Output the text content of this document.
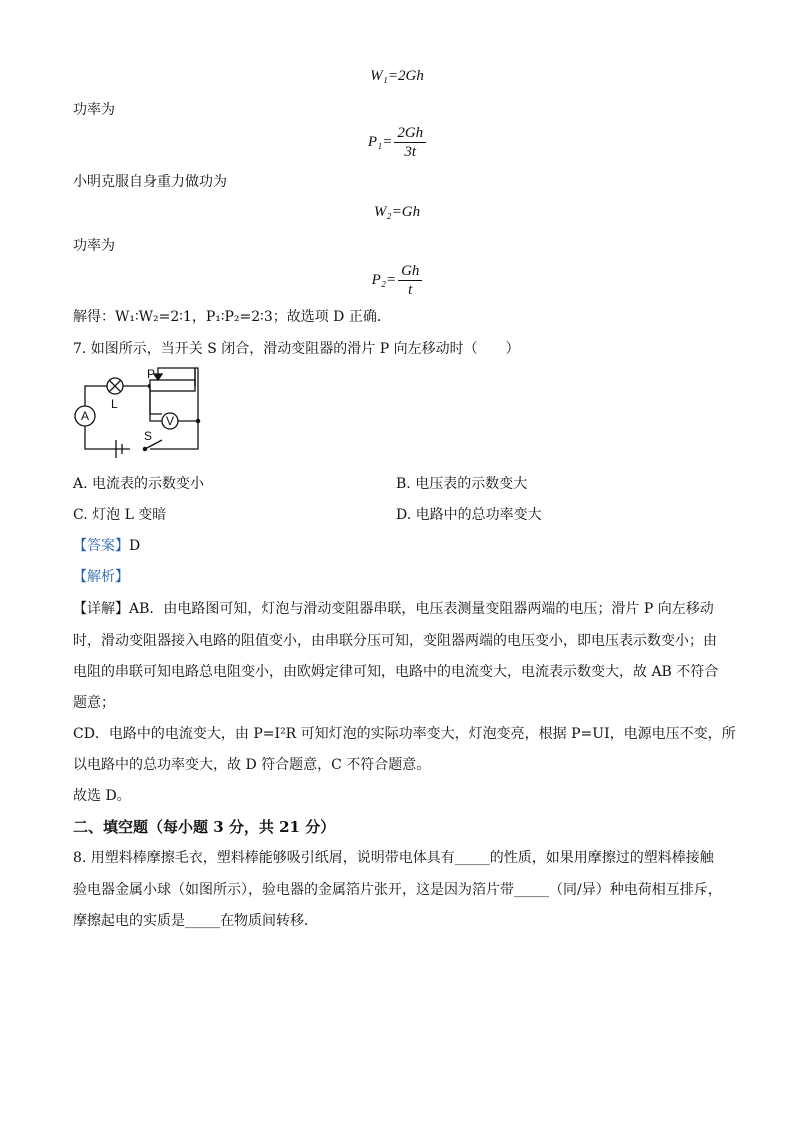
W₁=2Gh
功率为
$P_1= \frac{2Gh}{3t}$
小明克服自身重力做功为
W₂=Gh
功率为
$P_2= \frac{Gh}{t}$
解得：W₁∶W₂=2∶1，P₁∶P₂=2∶3；故选项 D 正确．
7. 如图所示，当开关 S 闭合，滑动变阻器的滑片 P 向左移动时（　　）
A
L
P
V
S
A. 电流表的示数变小	B. 电压表的示数变大
C. 灯泡 L 变暗	D. 电路中的总功率变大
【答案】D
【解析】
【详解】AB．由电路图可知，灯泡与滑动变阻器串联，电压表测量变阻器两端的电压；滑片 P 向左移动
时，滑动变阻器接入电路的阻值变小，由串联分压可知，变阻器两端的电压变小，即电压表示数变小；由
电阻的串联可知电路总电阻变小，由欧姆定律可知，电路中的电流变大，电流表示数变大，故 AB 不符合
题意；
CD．电路中的电流变大，由 P=I²R 可知灯泡的实际功率变大，灯泡变亮，根据 P=UI，电源电压不变，所
以电路中的总功率变大，故 D 符合题意，C 不符合题意。
故选 D。
二、填空题（每小题 3 分，共 21 分）
8. 用塑料棒摩擦毛衣，塑料棒能够吸引纸屑，说明带电体具有_____的性质，如果用摩擦过的塑料棒接触
验电器金属小球（如图所示），验电器的金属箔片张开，这是因为箔片带_____（同/异）种电荷相互排斥，
摩擦起电的实质是_____在物质间转移．
